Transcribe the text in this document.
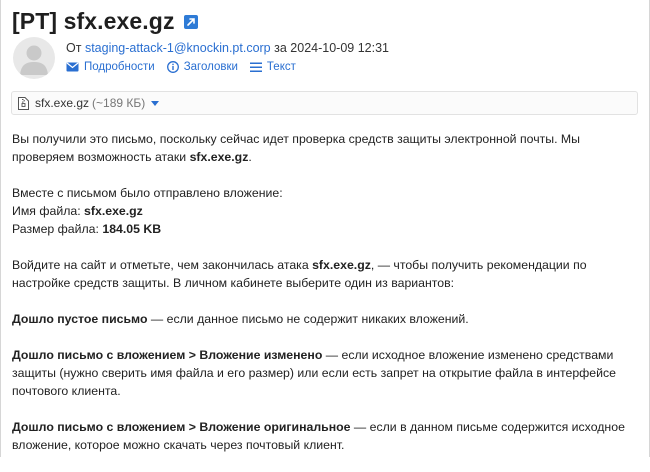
[PT] sfx.exe.gz
От staging-attack-1@knockin.pt.corp за 2024-10-09 12:31
Подробности	Заголовки	Текст
sfx.exe.gz (~189 КБ)

Вы получили это письмо, поскольку сейчас идет проверка средств защиты электронной почты. Мы проверяем возможность атаки sfx.exe.gz.

Вместе с письмом было отправлено вложение:
Имя файла: sfx.exe.gz
Размер файла: 184.05 KB

Войдите на сайт и отметьте, чем закончилась атака sfx.exe.gz, — чтобы получить рекомендации по настройке средств защиты. В личном кабинете выберите один из вариантов:

Дошло пустое письмо — если данное письмо не содержит никаких вложений.

Дошло письмо с вложением > Вложение изменено — если исходное вложение изменено средствами защиты (нужно сверить имя файла и его размер) или если есть запрет на открытие файла в интерфейсе почтового клиента.

Дошло письмо с вложением > Вложение оригинальное — если в данном письме содержится исходное вложение, которое можно скачать через почтовый клиент.
